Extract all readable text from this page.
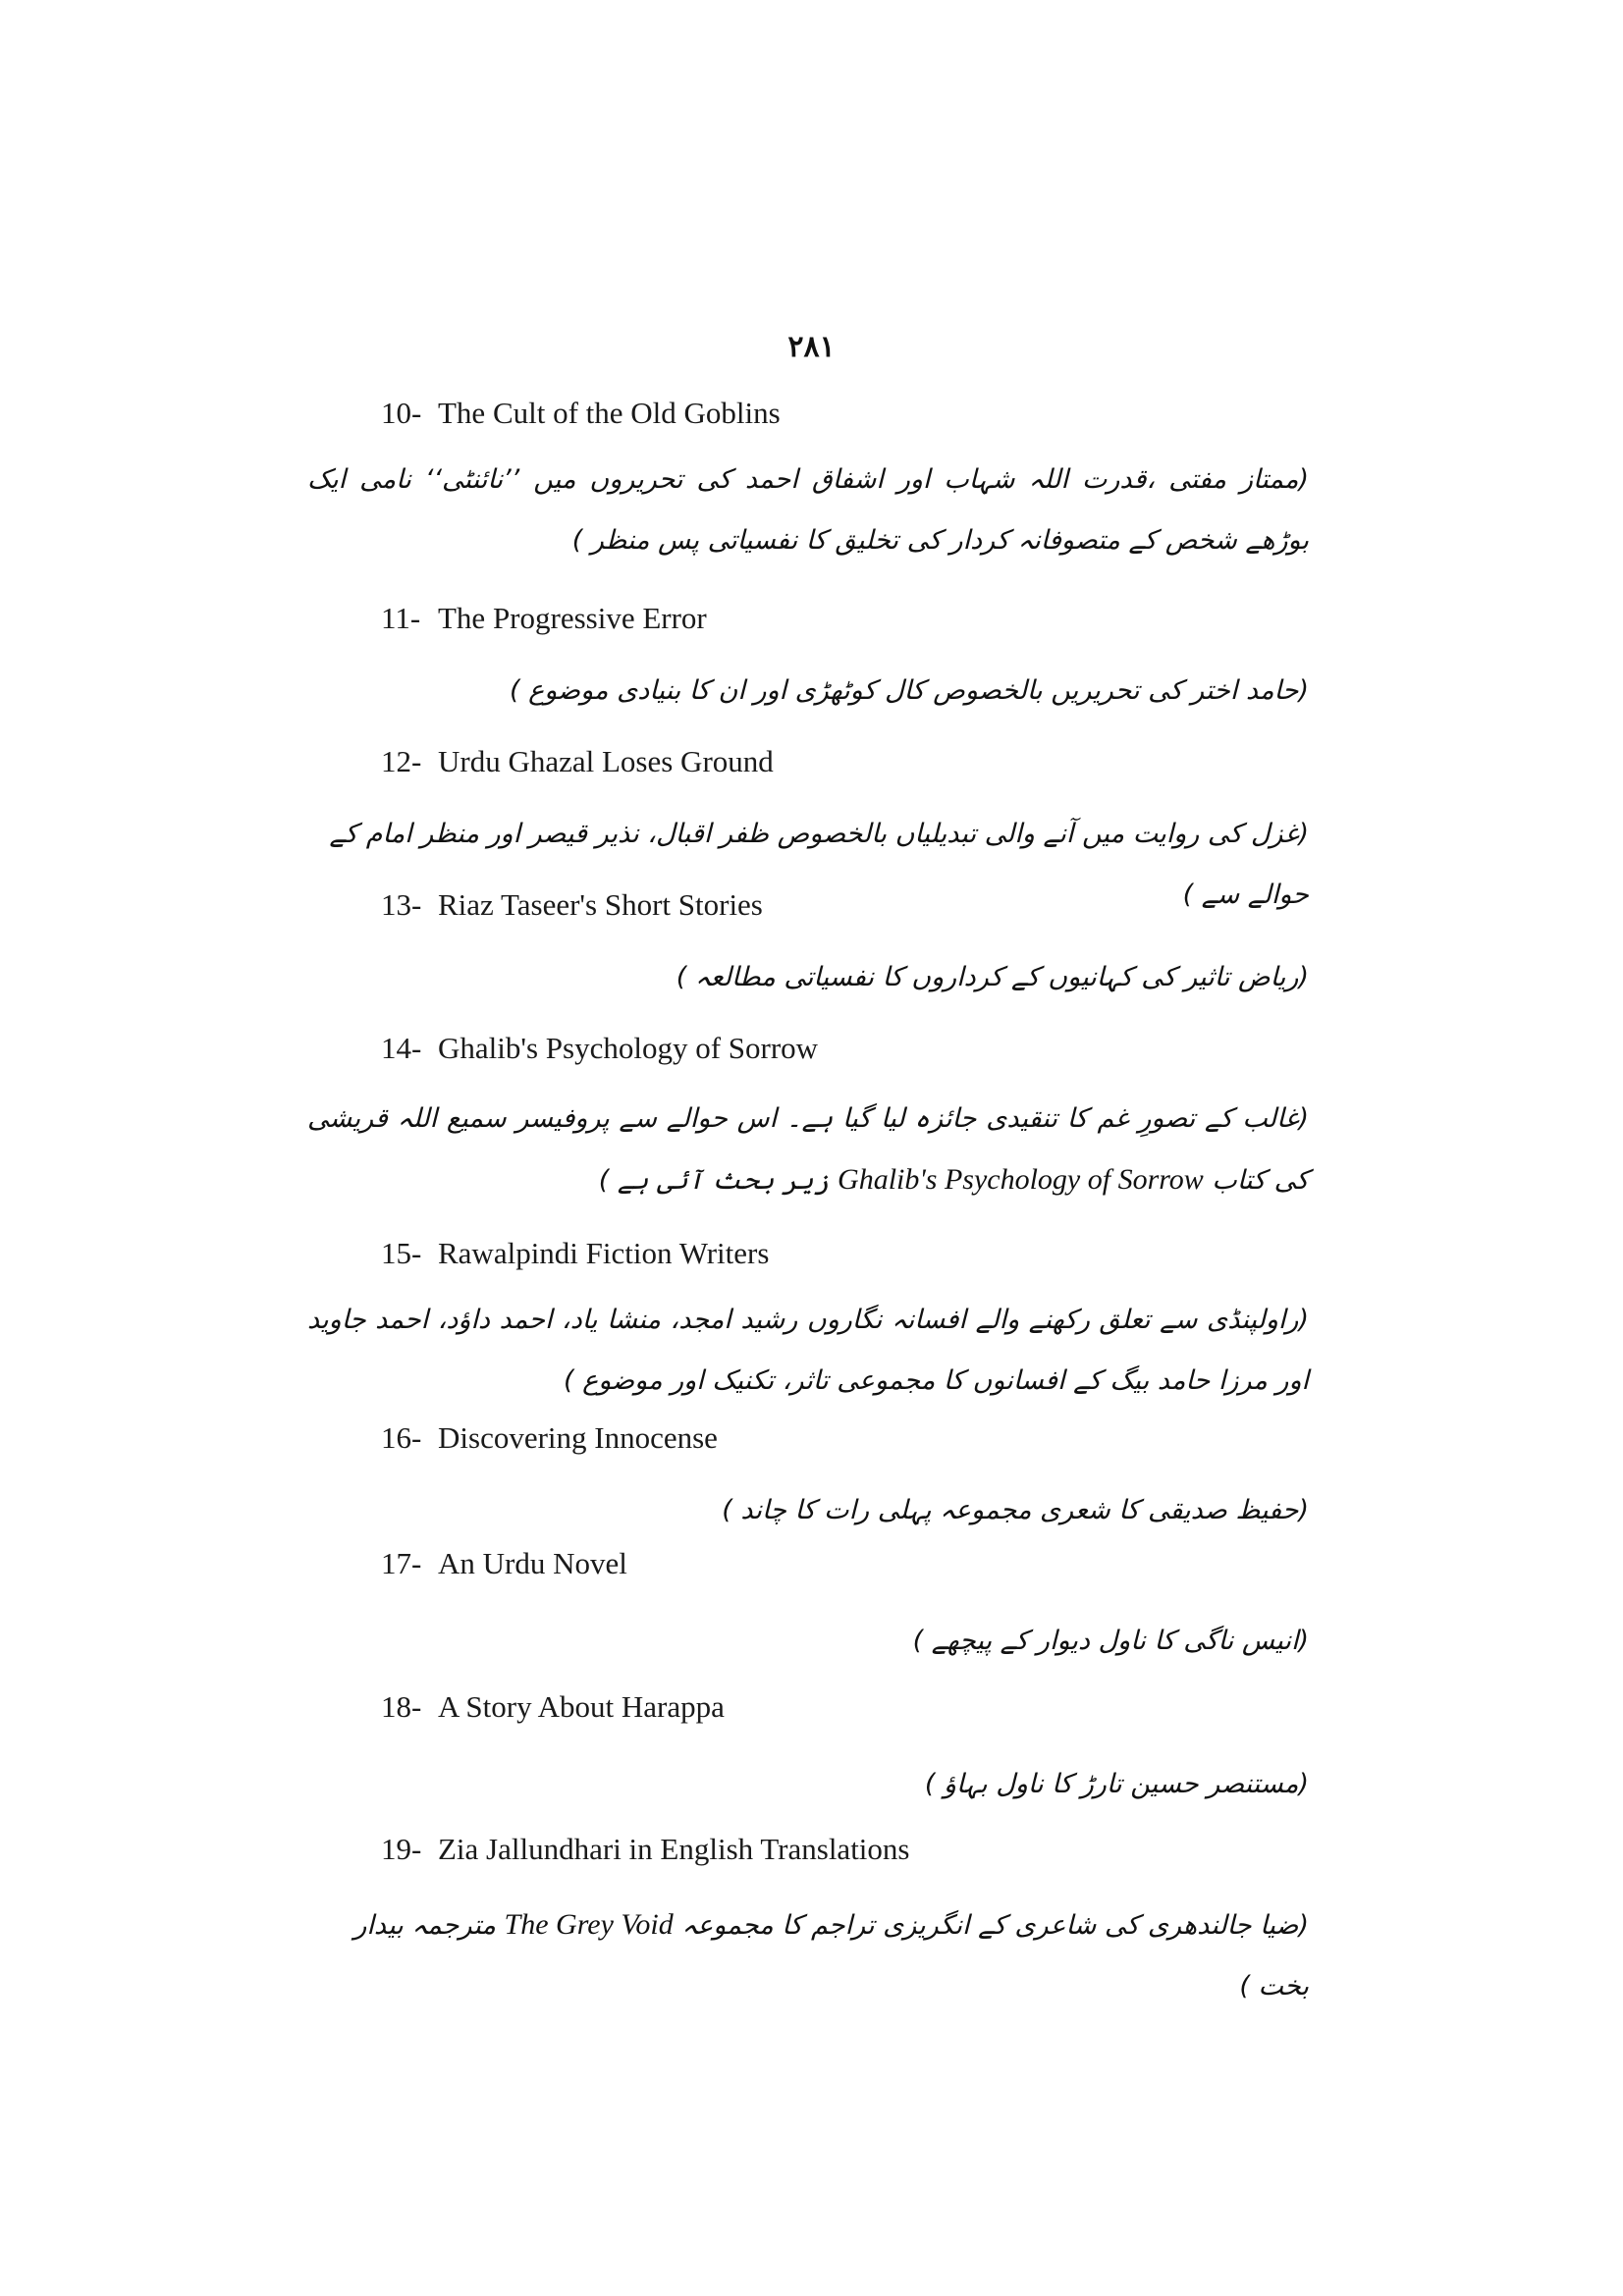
۲۸۱
10- The Cult of the Old Goblins
(ممتاز مفتی ،قدرت اللہ شہاب اور اشفاق احمد کی تحریروں میں ’’نائنٹی‘‘ نامی ایک بوڑھے شخص کے متصوفانہ کردار کی تخلیق کا نفسیاتی پس منظر )
11- The Progressive Error
(حامد اختر کی تحریریں بالخصوص کال کوٹھڑی اور ان کا بنیادی موضوع )
12- Urdu Ghazal Loses Ground
(غزل کی روایت میں آنے والی تبدیلیاں بالخصوص ظفر اقبال، نذیر قیصر اور منظر امام کے حوالے سے )
13- Riaz Taseer's Short Stories
(ریاض تاثیر کی کہانیوں کے کرداروں کا نفسیاتی مطالعہ )
14- Ghalib's Psychology of Sorrow
(غالب کے تصورِ غم کا تنقیدی جائزہ لیا گیا ہے۔ اس حوالے سے پروفیسر سمیع اللہ قریشی کی کتاب Ghalib's Psychology of Sorrow زیر بحث آئی ہے )
15- Rawalpindi Fiction Writers
(راولپنڈی سے تعلق رکھنے والے افسانہ نگاروں رشید امجد، منشا یاد، احمد داؤد، احمد جاوید اور مرزا حامد بیگ کے افسانوں کا مجموعی تاثر، تکنیک اور موضوع )
16- Discovering Innocense
(حفیظ صدیقی کا شعری مجموعہ پہلی رات کا چاند )
17- An Urdu Novel
(انیس ناگی کا ناول دیوار کے پیچھے )
18- A Story About Harappa
(مستنصر حسین تارڑ کا ناول بہاؤ )
19- Zia Jallundhari in English Translations
(ضیا جالندھری کی شاعری کے انگریزی تراجم کا مجموعہ The Grey Void مترجمہ بیدار بخت )
